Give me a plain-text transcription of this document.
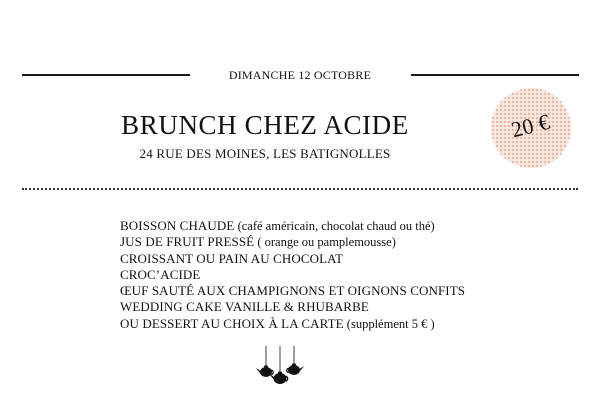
DIMANCHE 12 OCTOBRE
BRUNCH CHEZ ACIDE
24 RUE DES MOINES, LES BATIGNOLLES
20 €
BOISSON CHAUDE (café américain, chocolat chaud ou thé)
JUS DE FRUIT PRESSÉ ( orange ou pamplemousse)
CROISSANT OU PAIN AU CHOCOLAT
CROC’ACIDE
ŒUF SAUTÉ AUX CHAMPIGNONS ET OIGNONS CONFITS
WEDDING CAKE VANILLE & RHUBARBE
OU DESSERT AU CHOIX À LA CARTE (supplément 5 € )
